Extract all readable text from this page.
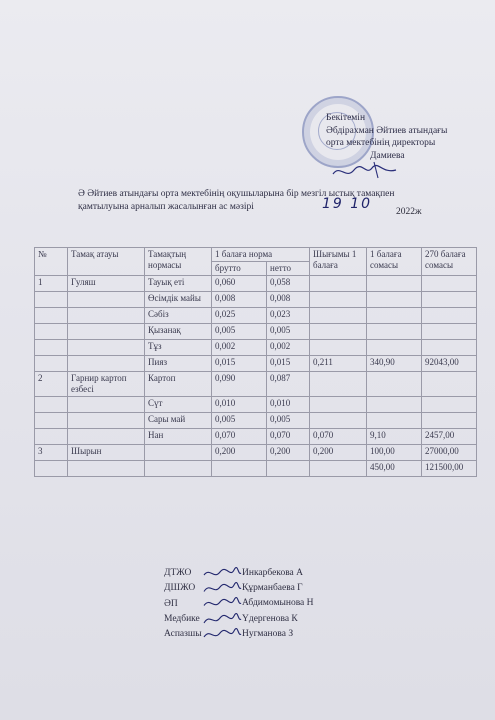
Бекітемін
Әбдірахман Әйтиев атындағы
орта мектебінің директоры
Дамиева
Ә Әйтиев атындағы орта мектебінің оқушыларына бір мезгіл ыстық тамақпен
қамтылуына арналып жасалынған ас мәзірі	19 10	2022ж
№	Тамақ атауы	Тамақтың нормасы	1 балаға норма		Шығымы 1 балаға	1 балаға сомасы	270 балаға сомасы
			брутто	нетто			
1	Гуляш	Тауық еті	0,060	0,058			
		Өсімдік майы	0,008	0,008			
		Сәбіз	0,025	0,023			
		Қызанақ	0,005	0,005			
		Тұз	0,002	0,002			
		Пияз	0,015	0,015	0,211	340,90	92043,00
2	Гарнир картоп езбесі	Картоп	0,090	0,087			
		Сүт	0,010	0,010			
		Сары май	0,005	0,005			
		Нан	0,070	0,070	0,070	9,10	2457,00
3	Шырын		0,200	0,200	0,200	100,00	27000,00
						450,00	121500,00
ДТЖО	Инкарбекова А
ДШЖО	Құрманбаева Г
ӘП	Абдимомынова Н
Медбике	Үдергенова К
Аспазшы	Нугманова З
